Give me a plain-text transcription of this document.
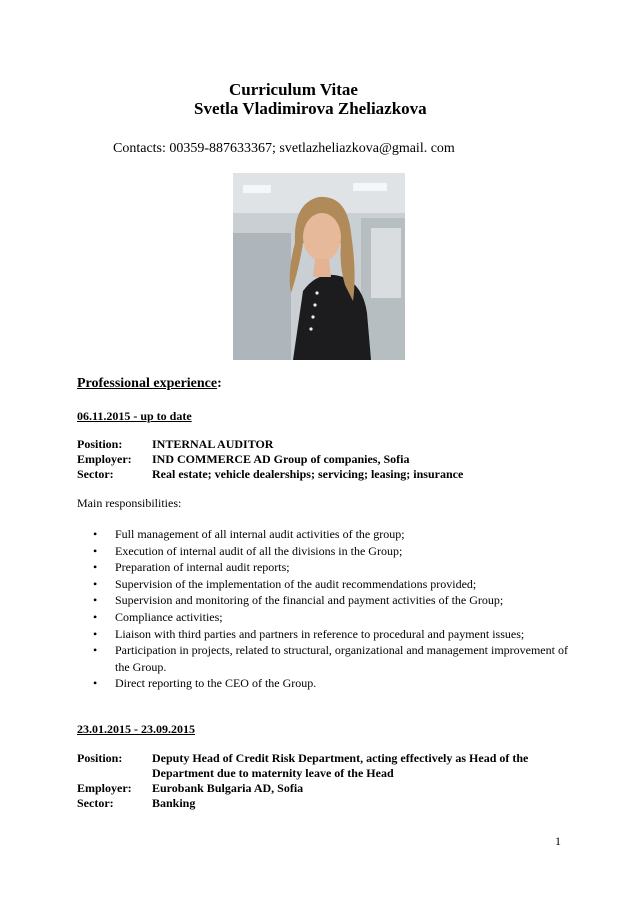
Curriculum Vitae
Svetla Vladimirova Zheliazkova
Contacts: 00359-887633367; svetlazheliazkova@gmail. com
Professional experience:
06.11.2015 - up to date
Position: INTERNAL AUDITOR
Employer: IND COMMERCE AD Group of companies, Sofia
Sector:	Real estate; vehicle dealerships; servicing; leasing; insurance
Main responsibilities:
• Full management of all internal audit activities of the group;
• Execution of internal audit of all the divisions in the Group;
• Preparation of internal audit reports;
• Supervision of the implementation of the audit recommendations provided;
• Supervision and monitoring of the financial and payment activities of the Group;
• Compliance activities;
• Liaison with third parties and partners in reference to procedural and payment issues;
• Participation in projects, related to structural, organizational and management improvement of the Group.
• Direct reporting to the CEO of the Group.
23.01.2015 - 23.09.2015
Position:	Deputy Head of Credit Risk Department, acting effectively as Head of the Department due to maternity leave of the Head
Employer: Eurobank Bulgaria AD, Sofia
Sector:	Banking
1
